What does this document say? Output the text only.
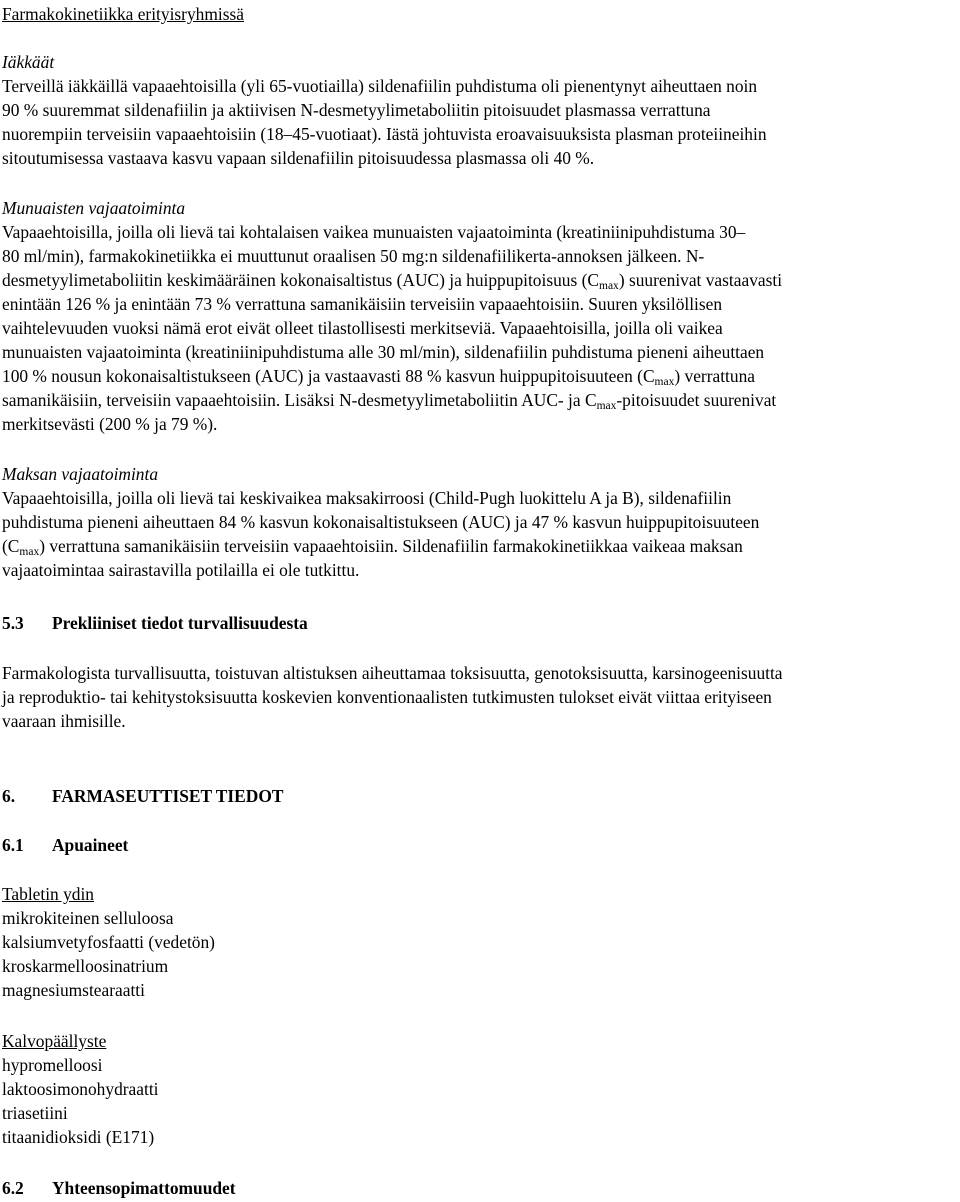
Farmakokinetiikka erityisryhmissä
Iäkkäät
Terveillä iäkkäillä vapaaehtoisilla (yli 65-vuotiailla) sildenafiilin puhdistuma oli pienentynyt aiheuttaen noin
90 % suuremmat sildenafiilin ja aktiivisen N-desmetyylimetaboliitin pitoisuudet plasmassa verrattuna
nuorempiin terveisiin vapaaehtoisiin (18–45-vuotiaat). Iästä johtuvista eroavaisuuksista plasman proteiineihin
sitoutumisessa vastaava kasvu vapaan sildenafiilin pitoisuudessa plasmassa oli 40 %.
Munuaisten vajaatoiminta
Vapaaehtoisilla, joilla oli lievä tai kohtalaisen vaikea munuaisten vajaatoiminta (kreatiniinipuhdistuma 30–
80 ml/min), farmakokinetiikka ei muuttunut oraalisen 50 mg:n sildenafiilikerta-annoksen jälkeen. N-
desmetyylimetaboliitin keskimääräinen kokonaisaltistus (AUC) ja huippupitoisuus (Cmax) suurenivat vastaavasti
enintään 126 % ja enintään 73 % verrattuna samanikäisiin terveisiin vapaaehtoisiin. Suuren yksilöllisen
vaihtelevuuden vuoksi nämä erot eivät olleet tilastollisesti merkitseviä. Vapaaehtoisilla, joilla oli vaikea
munuaisten vajaatoiminta (kreatiniinipuhdistuma alle 30 ml/min), sildenafiilin puhdistuma pieneni aiheuttaen
100 % nousun kokonaisaltistukseen (AUC) ja vastaavasti 88 % kasvun huippupitoisuuteen (Cmax) verrattuna
samanikäisiin, terveisiin vapaaehtoisiin. Lisäksi N-desmetyylimetaboliitin AUC- ja Cmax-pitoisuudet suurenivat
merkitsevästi (200 % ja 79 %).
Maksan vajaatoiminta
Vapaaehtoisilla, joilla oli lievä tai keskivaikea maksakirroosi (Child-Pugh luokittelu A ja B), sildenafiilin
puhdistuma pieneni aiheuttaen 84 % kasvun kokonaisaltistukseen (AUC) ja 47 % kasvun huippupitoisuuteen
(Cmax) verrattuna samanikäisiin terveisiin vapaaehtoisiin. Sildenafiilin farmakokinetiikkaa vaikeaa maksan
vajaatoimintaa sairastavilla potilailla ei ole tutkittu.
5.3 Prekliiniset tiedot turvallisuudesta
Farmakologista turvallisuutta, toistuvan altistuksen aiheuttamaa toksisuutta, genotoksisuutta, karsinogeenisuutta
ja reproduktio- tai kehitystoksisuutta koskevien konventionaalisten tutkimusten tulokset eivät viittaa erityiseen
vaaraan ihmisille.
6. FARMASEUTTISET TIEDOT
6.1 Apuaineet
Tabletin ydin
mikrokiteinen selluloosa
kalsiumvetyfosfaatti (vedetön)
kroskarmelloosinatrium
magnesiumstearaatti
Kalvopäällyste
hypromelloosi
laktoosimonohydraatti
triasetiini
titaanidioksidi (E171)
6.2 Yhteensopimattomuudet
